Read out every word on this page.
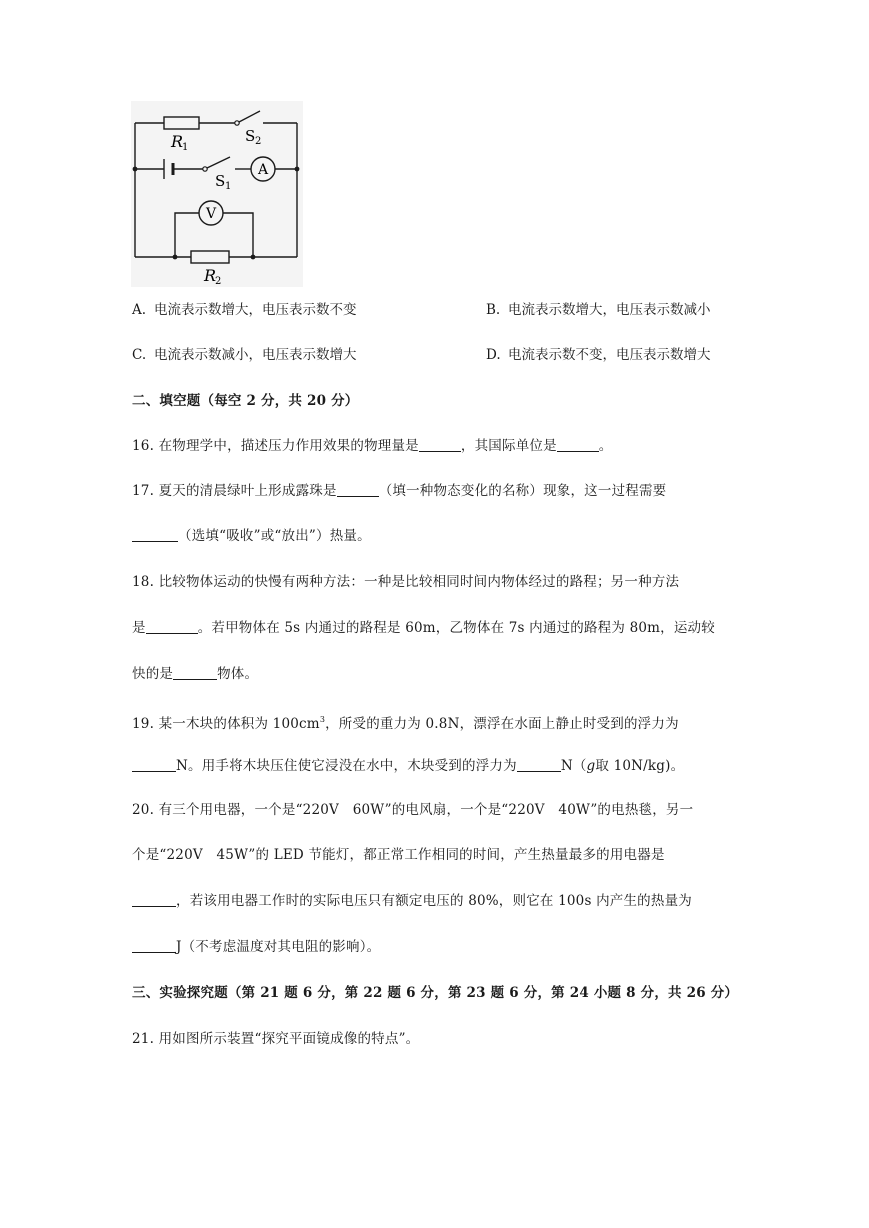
A
V
R
1
S 2
S 1
R
2
A. 电流表示数增大，电压表示数不变	B. 电流表示数增大，电压表示数减小
C. 电流表示数减小，电压表示数增大	D. 电流表示数不变，电压表示数增大
二、填空题（每空 2 分，共 20 分）
16. 在物理学中，描述压力作用效果的物理量是	，其国际单位是	。
17. 夏天的清晨绿叶上形成露珠是	（填一种物态变化的名称）现象，这一过程需要
（选填“吸收”或“放出”）热量。
18. 比较物体运动的快慢有两种方法：一种是比较相同时间内物体经过的路程；另一种方法
是	。若甲物体在 5s 内通过的路程是 60m，乙物体在 7s 内通过的路程为 80m，运动较
快的是	物体。
19. 某一木块的体积为 $100cm^3$，所受的重力为 0.8N，漂浮在水面上静止时受到的浮力为
N。用手将木块压住使它浸没在水中，木块受到的浮力为	N（g取 10N/kg)。
20. 有三个用电器，一个是“220V　60W”的电风扇，一个是“220V　40W”的电热毯，另一
个是“220V　45W”的 LED 节能灯，都正常工作相同的时间，产生热量最多的用电器是
，若该用电器工作时的实际电压只有额定电压的 80%，则它在 100s 内产生的热量为
J（不考虑温度对其电阻的影响）。
三、实验探究题（第 21 题 6 分，第 22 题 6 分，第 23 题 6 分，第 24 小题 8 分，共 26 分）
21. 用如图所示装置“探究平面镜成像的特点”。
